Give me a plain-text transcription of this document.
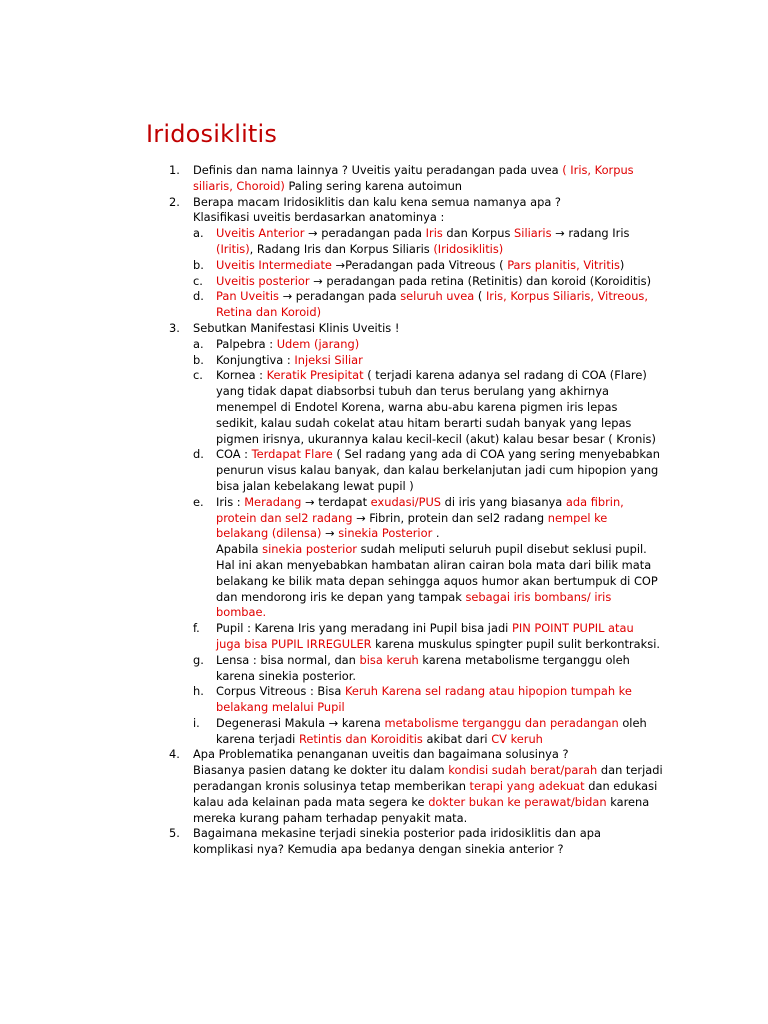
Iridosiklitis
1. Definis dan nama lainnya ? Uveitis yaitu peradangan pada uvea ( Iris, Korpus siliaris, Choroid) Paling sering karena autoimun
2. Berapa macam Iridosiklitis dan kalu kena semua namanya apa ?
Klasifikasi uveitis berdasarkan anatominya :
a. Uveitis Anterior → peradangan pada Iris dan Korpus Siliaris → radang Iris (Iritis), Radang Iris dan Korpus Siliaris (Iridosiklitis)
b. Uveitis Intermediate →Peradangan pada Vitreous ( Pars planitis, Vitritis)
c. Uveitis posterior → peradangan pada retina (Retinitis) dan koroid (Koroiditis)
d. Pan Uveitis → peradangan pada seluruh uvea ( Iris, Korpus Siliaris, Vitreous, Retina dan Koroid)
3. Sebutkan Manifestasi Klinis Uveitis !
a. Palpebra : Udem (jarang)
b. Konjungtiva : Injeksi Siliar
c. Kornea : Keratik Presipitat ( terjadi karena adanya sel radang di COA (Flare) yang tidak dapat diabsorbsi tubuh dan terus berulang yang akhirnya menempel di Endotel Korena, warna abu-abu karena pigmen iris lepas sedikit, kalau sudah cokelat atau hitam berarti sudah banyak yang lepas pigmen irisnya, ukurannya kalau kecil-kecil (akut) kalau besar besar ( Kronis)
d. COA : Terdapat Flare ( Sel radang yang ada di COA yang sering menyebabkan penurun visus kalau banyak, dan kalau berkelanjutan jadi cum hipopion yang bisa jalan kebelakang lewat pupil )
e. Iris : Meradang → terdapat exudasi/PUS di iris yang biasanya ada fibrin, protein dan sel2 radang → Fibrin, protein dan sel2 radang nempel ke belakang (dilensa) → sinekia Posterior .
Apabila sinekia posterior sudah meliputi seluruh pupil disebut seklusi pupil. Hal ini akan menyebabkan hambatan aliran cairan bola mata dari bilik mata belakang ke bilik mata depan sehingga aquos humor akan bertumpuk di COP dan mendorong iris ke depan yang tampak sebagai iris bombans/ iris bombae.
f. Pupil : Karena Iris yang meradang ini Pupil bisa jadi PIN POINT PUPIL atau juga bisa PUPIL IRREGULER karena muskulus spingter pupil sulit berkontraksi.
g. Lensa : bisa normal, dan bisa keruh karena metabolisme terganggu oleh karena sinekia posterior.
h. Corpus Vitreous : Bisa Keruh Karena sel radang atau hipopion tumpah ke belakang melalui Pupil
i. Degenerasi Makula → karena metabolisme terganggu dan peradangan oleh karena terjadi Retintis dan Koroiditis akibat dari CV keruh
4. Apa Problematika penanganan uveitis dan bagaimana solusinya ?
Biasanya pasien datang ke dokter itu dalam kondisi sudah berat/parah dan terjadi peradangan kronis solusinya tetap memberikan terapi yang adekuat dan edukasi kalau ada kelainan pada mata segera ke dokter bukan ke perawat/bidan karena mereka kurang paham terhadap penyakit mata.
5. Bagaimana mekasine terjadi sinekia posterior pada iridosiklitis dan apa komplikasi nya? Kemudia apa bedanya dengan sinekia anterior ?
